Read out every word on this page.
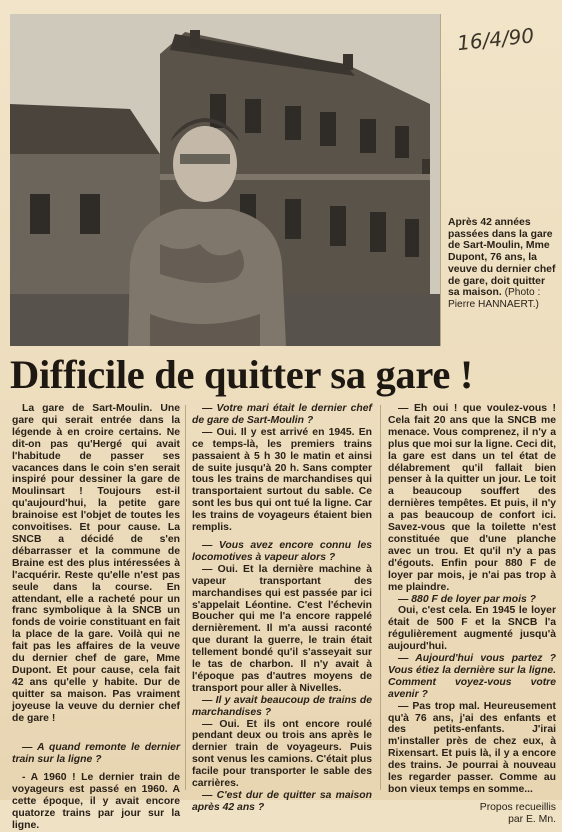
16/4/90
Après 42 années passées dans la gare de Sart-Moulin, Mme Dupont, 76 ans, la veuve du dernier chef de gare, doit quitter sa maison. (Photo : Pierre HANNAERT.)
Difficile de quitter sa gare !

La gare de Sart-Moulin. Une gare qui serait entrée dans la légende à en croire certains. Ne dit-on pas qu'Hergé qui avait l'habitude de passer ses vacances dans le coin s'en serait inspiré pour dessiner la gare de Moulinsart ! Toujours est-il qu'aujourd'hui, la petite gare brainoise est l'objet de toutes les convoitises. Et pour cause. La SNCB a décidé de s'en débarrasser et la commune de Braine est des plus intéressées à l'acquérir. Reste qu'elle n'est pas seule dans la course. En attendant, elle a racheté pour un franc symbolique à la SNCB un fonds de voirie constituant en fait la place de la gare. Voilà qui ne fait pas les affaires de la veuve du dernier chef de gare, Mme Dupont. Et pour cause, cela fait 42 ans qu'elle y habite. Dur de quitter sa maison. Pas vraiment joyeuse la veuve du dernier chef de gare !

— A quand remonte le dernier train sur la ligne ?

- A 1960 ! Le dernier train de voyageurs est passé en 1960. A cette époque, il y avait encore quatorze trains par jour sur la ligne.

— Votre mari était le dernier chef de gare de Sart-Moulin ?

— Oui. Il y est arrivé en 1945. En ce temps-là, les premiers trains passaient à 5 h 30 le matin et ainsi de suite jusqu'à 20 h. Sans compter tous les trains de marchandises qui transportaient surtout du sable. Ce sont les bus qui ont tué la ligne. Car les trains de voyageurs étaient bien remplis.

— Vous avez encore connu les locomotives à vapeur alors ?

— Oui. Et la dernière machine à vapeur transportant des marchandises qui est passée par ici s'appelait Léontine. C'est l'échevin Boucher qui me l'a encore rappelé dernièrement. Il m'a aussi raconté que durant la guerre, le train était tellement bondé qu'il s'asseyait sur le tas de charbon. Il n'y avait à l'époque pas d'autres moyens de transport pour aller à Nivelles.

— Il y avait beaucoup de trains de marchandises ?

— Oui. Et ils ont encore roulé pendant deux ou trois ans après le dernier train de voyageurs. Puis sont venus les camions. C'était plus facile pour transporter le sable des carrières.

— C'est dur de quitter sa maison après 42 ans ?

— Eh oui ! que voulez-vous ! Cela fait 20 ans que la SNCB me menace. Vous comprenez, il n'y a plus que moi sur la ligne. Ceci dit, la gare est dans un tel état de délabrement qu'il fallait bien penser à la quitter un jour. Le toit a beaucoup souffert des dernières tempêtes. Et puis, il n'y a pas beaucoup de confort ici. Savez-vous que la toilette n'est constituée que d'une planche avec un trou. Et qu'il n'y a pas d'égouts. Enfin pour 880 F de loyer par mois, je n'ai pas trop à me plaindre.

— 880 F de loyer par mois ?

Oui, c'est cela. En 1945 le loyer était de 500 F et la SNCB l'a régulièrement augmenté jusqu'à aujourd'hui.

— Aujourd'hui vous partez ? Vous étiez la dernière sur la ligne. Comment voyez-vous votre avenir ?

— Pas trop mal. Heureusement qu'à 76 ans, j'ai des enfants et des petits-enfants. J'irai m'installer près de chez eux, à Rixensart. Et puis là, il y a encore des trains. Je pourrai à nouveau les regarder passer. Comme au bon vieux temps en somme...

Propos recueillis

par E. Mn.
